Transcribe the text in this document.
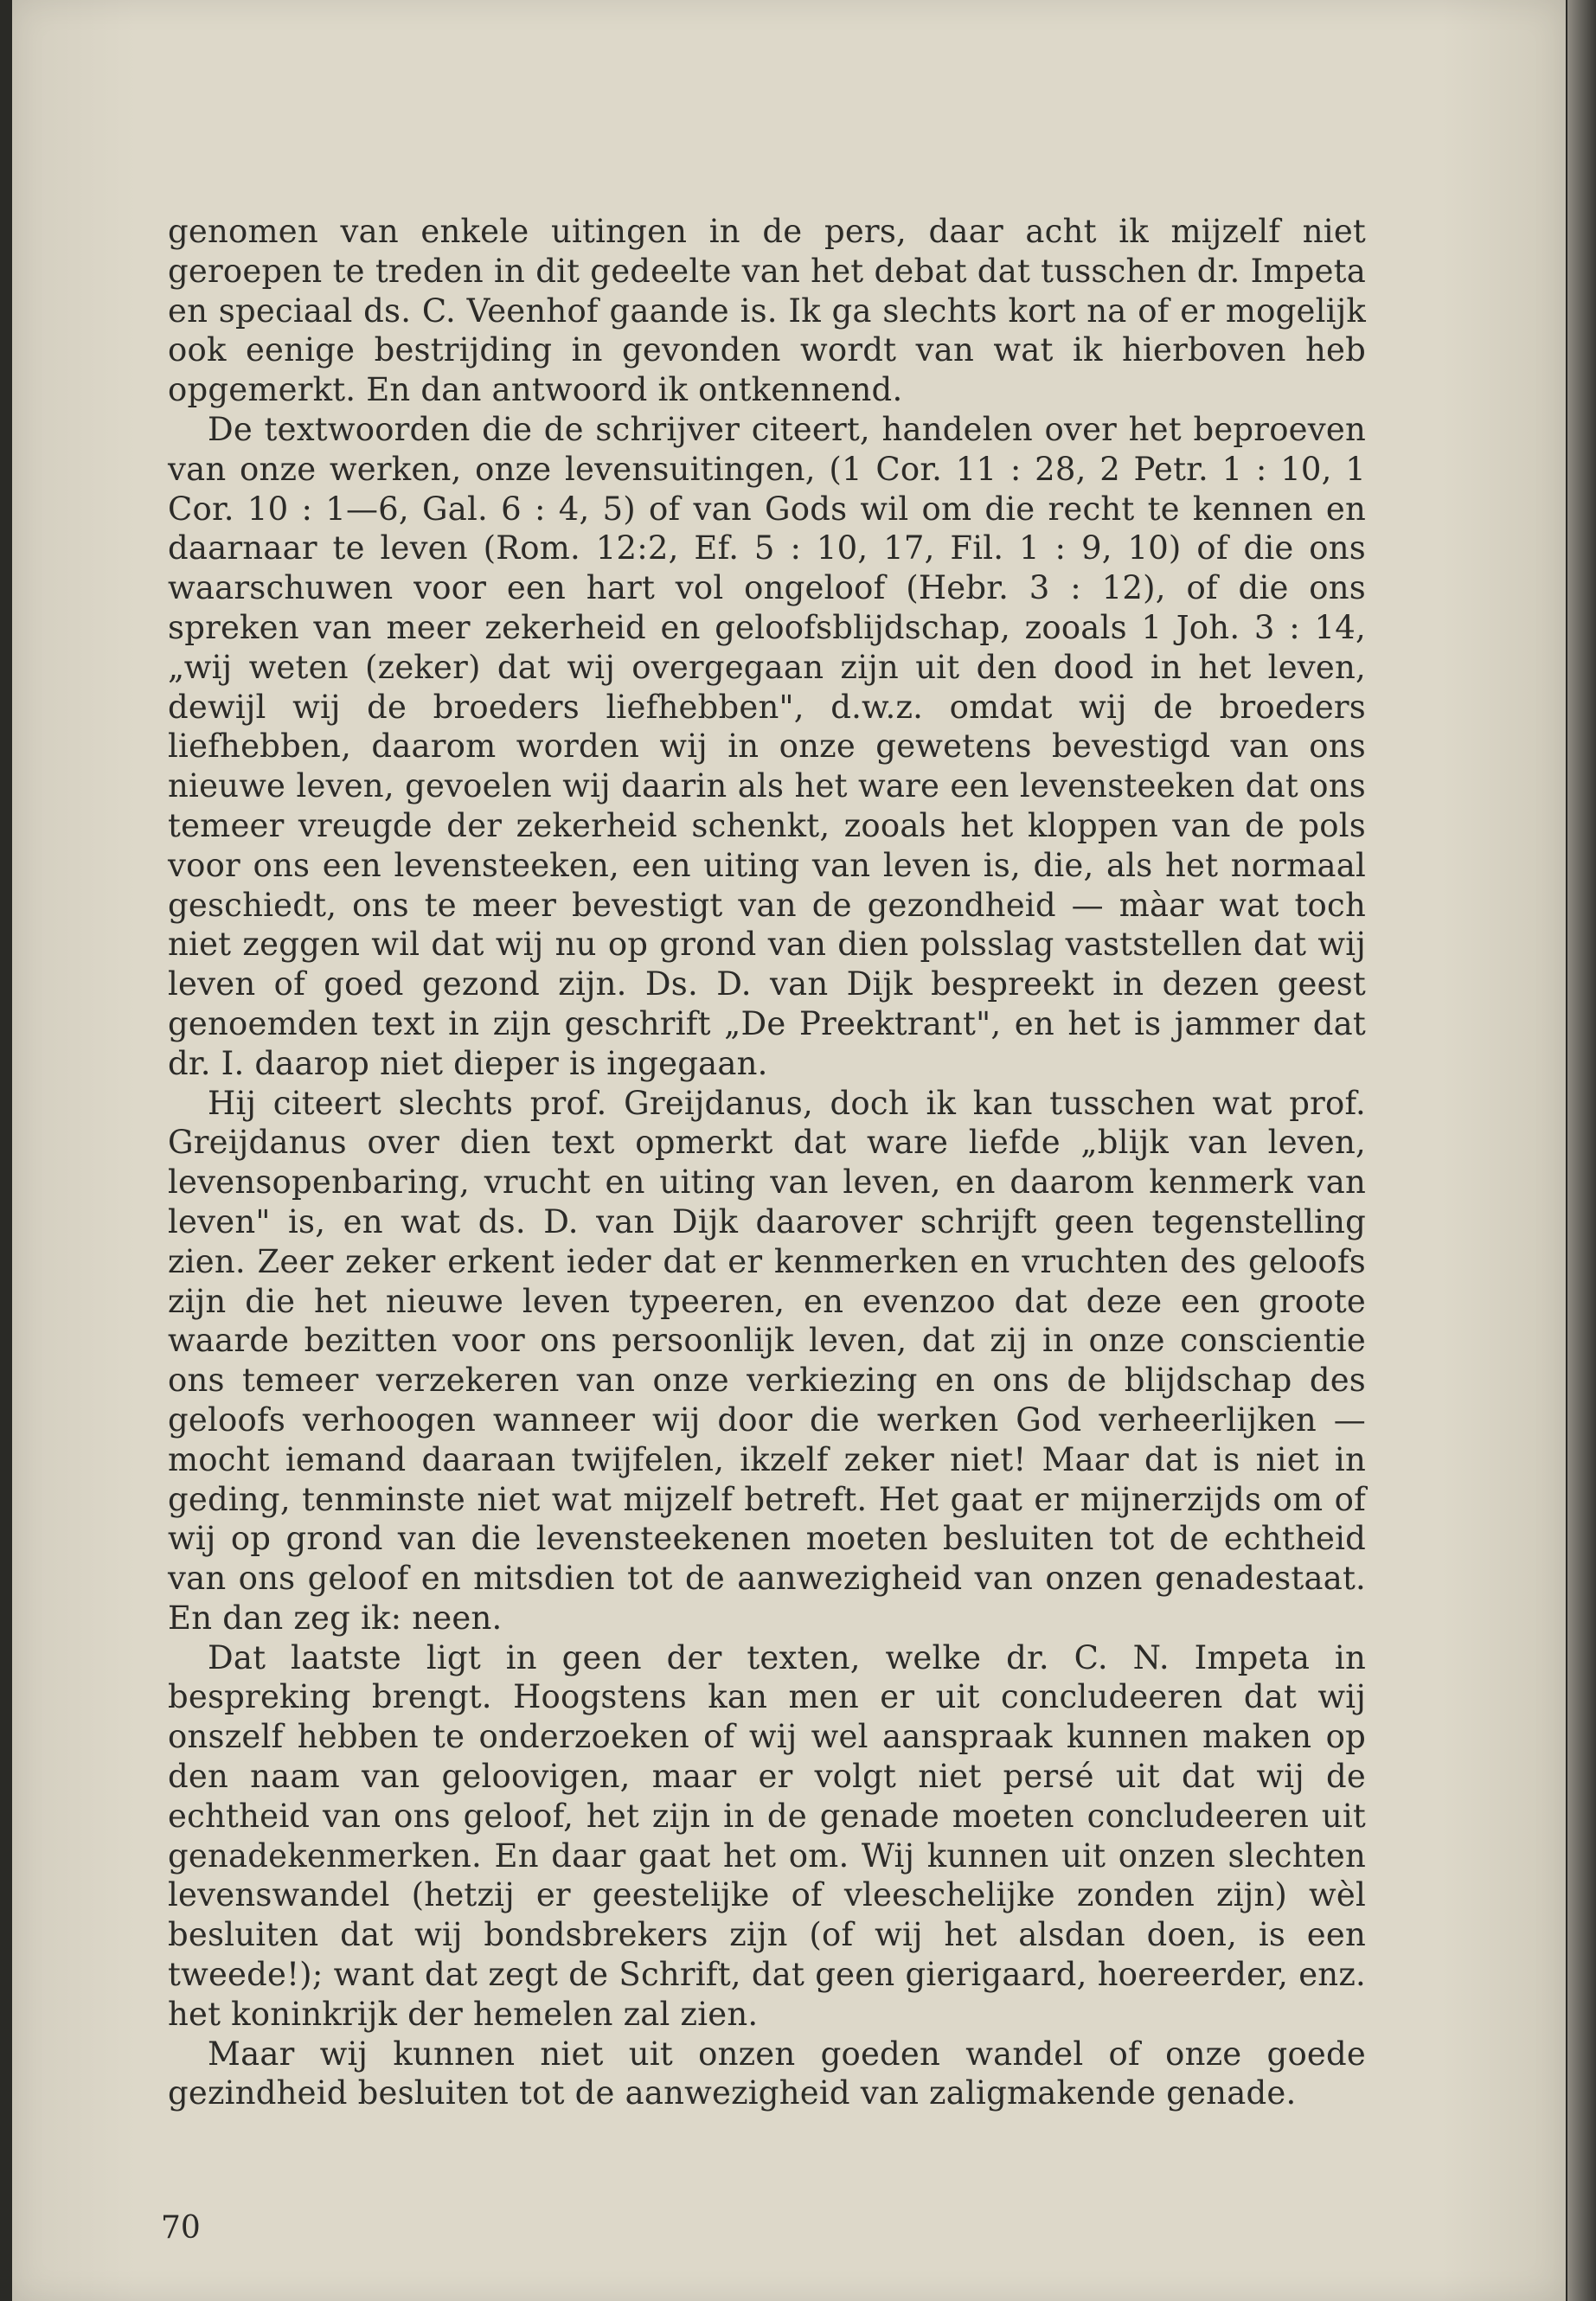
genomen van enkele uitingen in de pers, daar acht ik mijzelf niet geroepen te treden in dit gedeelte van het debat dat tusschen dr. Impeta en speciaal ds. C. Veenhof gaande is. Ik ga slechts kort na of er mogelijk ook eenige bestrijding in gevonden wordt van wat ik hierboven heb opgemerkt. En dan antwoord ik ontkennend.

De textwoorden die de schrijver citeert, handelen over het beproeven van onze werken, onze levensuitingen, (1 Cor. 11 : 28, 2 Petr. 1 : 10, 1 Cor. 10 : 1—6, Gal. 6 : 4, 5) of van Gods wil om die recht te kennen en daarnaar te leven (Rom. 12:2, Ef. 5 : 10, 17, Fil. 1 : 9, 10) of die ons waarschuwen voor een hart vol ongeloof (Hebr. 3 : 12), of die ons spreken van meer zekerheid en geloofsblijdschap, zooals 1 Joh. 3 : 14, „wij weten (zeker) dat wij overgegaan zijn uit den dood in het leven, dewijl wij de broeders liefhebben", d.w.z. omdat wij de broeders liefhebben, daarom worden wij in onze gewetens bevestigd van ons nieuwe leven, gevoelen wij daarin als het ware een levensteeken dat ons temeer vreugde der zekerheid schenkt, zooals het kloppen van de pols voor ons een levensteeken, een uiting van leven is, die, als het normaal geschiedt, ons te meer bevestigt van de gezondheid — màar wat toch niet zeggen wil dat wij nu op grond van dien polsslag vaststellen dat wij leven of goed gezond zijn. Ds. D. van Dijk bespreekt in dezen geest genoemden text in zijn geschrift „De Preektrant", en het is jammer dat dr. I. daarop niet dieper is ingegaan.

Hij citeert slechts prof. Greijdanus, doch ik kan tusschen wat prof. Greijdanus over dien text opmerkt dat ware liefde „blijk van leven, levensopenbaring, vrucht en uiting van leven, en daarom kenmerk van leven" is, en wat ds. D. van Dijk daarover schrijft geen tegenstelling zien. Zeer zeker erkent ieder dat er kenmerken en vruchten des geloofs zijn die het nieuwe leven typeeren, en evenzoo dat deze een groote waarde bezitten voor ons persoonlijk leven, dat zij in onze conscientie ons temeer verzekeren van onze verkiezing en ons de blijdschap des geloofs verhoogen wanneer wij door die werken God verheerlijken — mocht iemand daaraan twijfelen, ikzelf zeker niet! Maar dat is niet in geding, tenminste niet wat mijzelf betreft. Het gaat er mijnerzijds om of wij op grond van die levensteekenen moeten besluiten tot de echtheid van ons geloof en mitsdien tot de aanwezigheid van onzen genadestaat. En dan zeg ik: neen.

Dat laatste ligt in geen der texten, welke dr. C. N. Impeta in bespreking brengt. Hoogstens kan men er uit concludeeren dat wij onszelf hebben te onderzoeken of wij wel aanspraak kunnen maken op den naam van geloovigen, maar er volgt niet persé uit dat wij de echtheid van ons geloof, het zijn in de genade moeten concludeeren uit genadekenmerken. En daar gaat het om. Wij kunnen uit onzen slechten levenswandel (hetzij er geestelijke of vleeschelijke zonden zijn) wèl besluiten dat wij bondsbrekers zijn (of wij het alsdan doen, is een tweede!); want dat zegt de Schrift, dat geen gierigaard, hoereerder, enz. het koninkrijk der hemelen zal zien.

Maar wij kunnen niet uit onzen goeden wandel of onze goede gezindheid besluiten tot de aanwezigheid van zaligmakende genade.

70
